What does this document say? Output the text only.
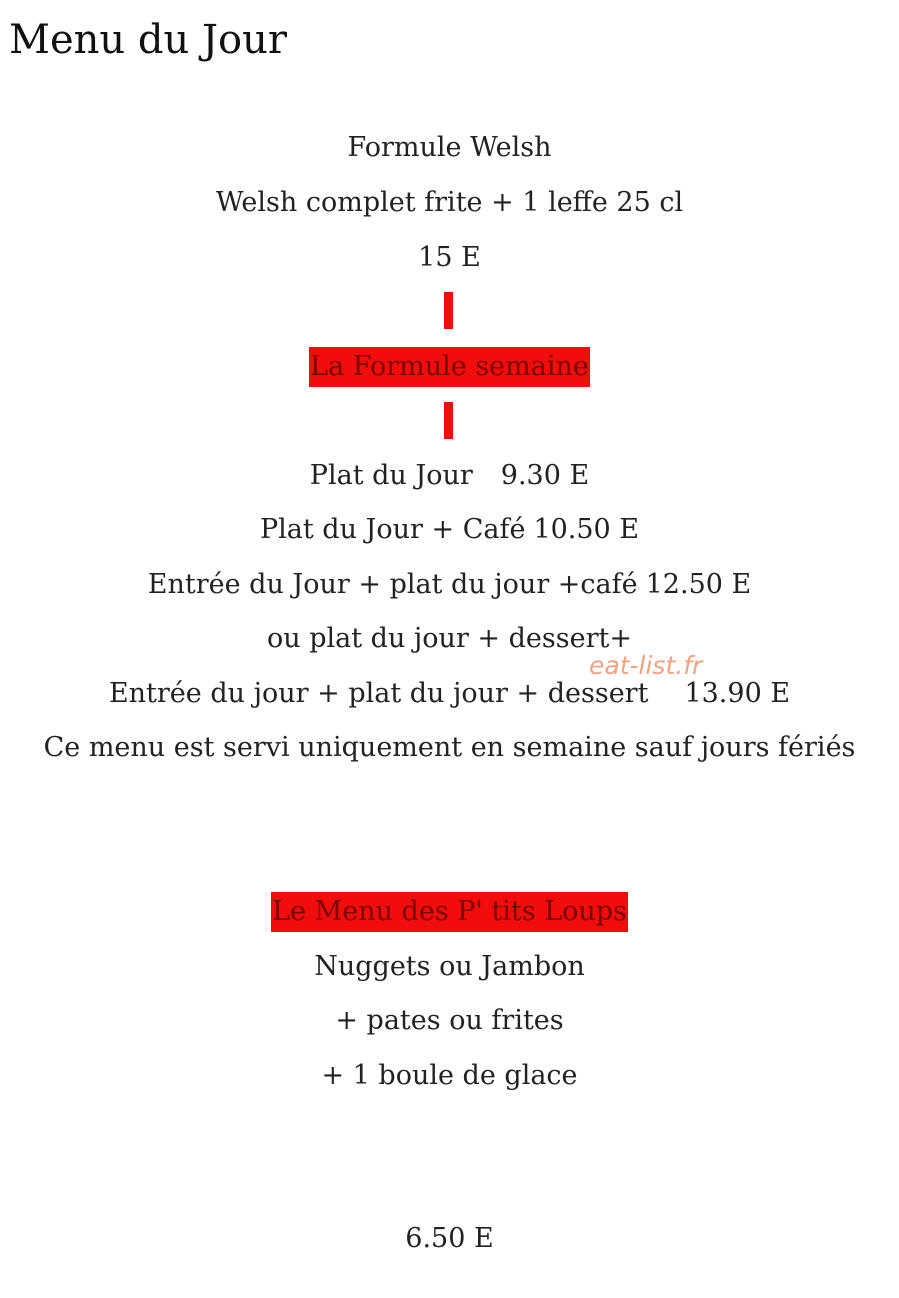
Menu du Jour
Formule Welsh
Welsh complet frite + 1 leffe 25 cl
15 E
La Formule semaine
Plat du Jour 9.30 E
Plat du Jour + Café 10.50 E
Entrée du Jour + plat du jour +café 12.50 E
ou plat du jour + dessert+
Entrée du jour + plat du jour + dessert 13.90 E
Ce menu est servi uniquement en semaine sauf jours fériés
Le Menu des P' tits Loups
Nuggets ou Jambon
+ pates ou frites
+ 1 boule de glace
6.50 E
eat-list.fr
